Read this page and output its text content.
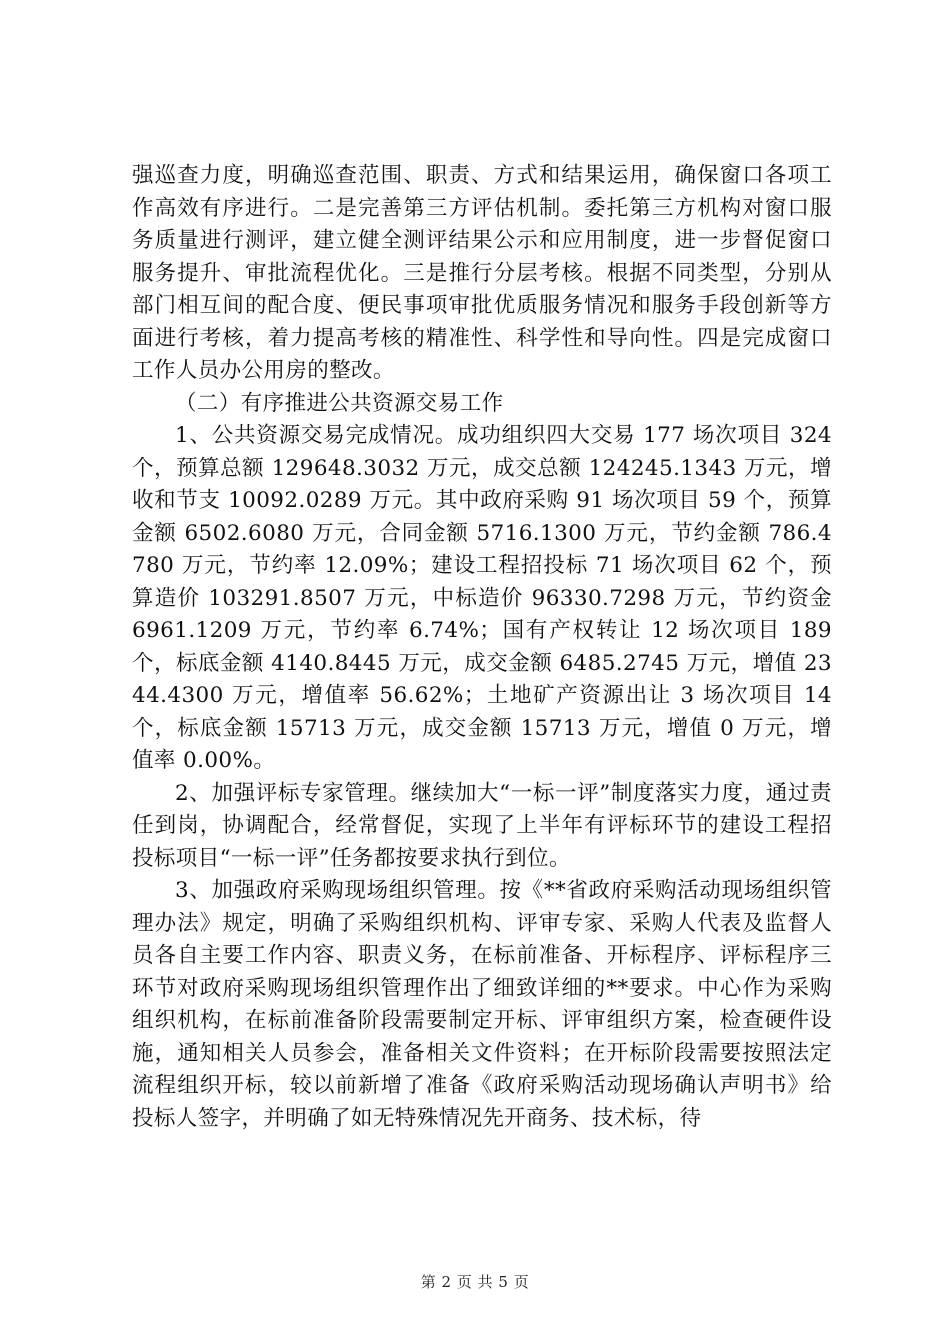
强巡查力度，明确巡查范围、职责、方式和结果运用，确保窗口各项工作高效有序进行。二是完善第三方评估机制。委托第三方机构对窗口服务质量进行测评，建立健全测评结果公示和应用制度，进一步督促窗口服务提升、审批流程优化。三是推行分层考核。根据不同类型，分别从部门相互间的配合度、便民事项审批优质服务情况和服务手段创新等方面进行考核，着力提高考核的精准性、科学性和导向性。四是完成窗口工作人员办公用房的整改。

（二）有序推进公共资源交易工作

1、公共资源交易完成情况。成功组织四大交易 177 场次项目 324 个，预算总额 129648.3032 万元，成交总额 124245.1343 万元，增收和节支 10092.0289 万元。其中政府采购 91 场次项目 59 个，预算金额 6502.6080 万元，合同金额 5716.1300 万元，节约金额 786.4780 万元，节约率 12.09%；建设工程招投标 71 场次项目 62 个，预算造价 103291.8507 万元，中标造价 96330.7298 万元，节约资金 6961.1209 万元，节约率 6.74%；国有产权转让 12 场次项目 189 个，标底金额 4140.8445 万元，成交金额 6485.2745 万元，增值 2344.4300 万元，增值率 56.62%；土地矿产资源出让 3 场次项目 14 个，标底金额 15713 万元，成交金额 15713 万元，增值 0 万元，增值率 0.00%。

2、加强评标专家管理。继续加大“一标一评”制度落实力度，通过责任到岗，协调配合，经常督促，实现了上半年有评标环节的建设工程招投标项目“一标一评”任务都按要求执行到位。

3、加强政府采购现场组织管理。按《**省政府采购活动现场组织管理办法》规定，明确了采购组织机构、评审专家、采购人代表及监督人员各自主要工作内容、职责义务，在标前准备、开标程序、评标程序三环节对政府采购现场组织管理作出了细致详细的**要求。中心作为采购组织机构，在标前准备阶段需要制定开标、评审组织方案，检查硬件设施，通知相关人员参会，准备相关文件资料；在开标阶段需要按照法定流程组织开标，较以前新增了准备《政府采购活动现场确认声明书》给投标人签字，并明确了如无特殊情况先开商务、技术标，待

第 2 页 共 5 页
